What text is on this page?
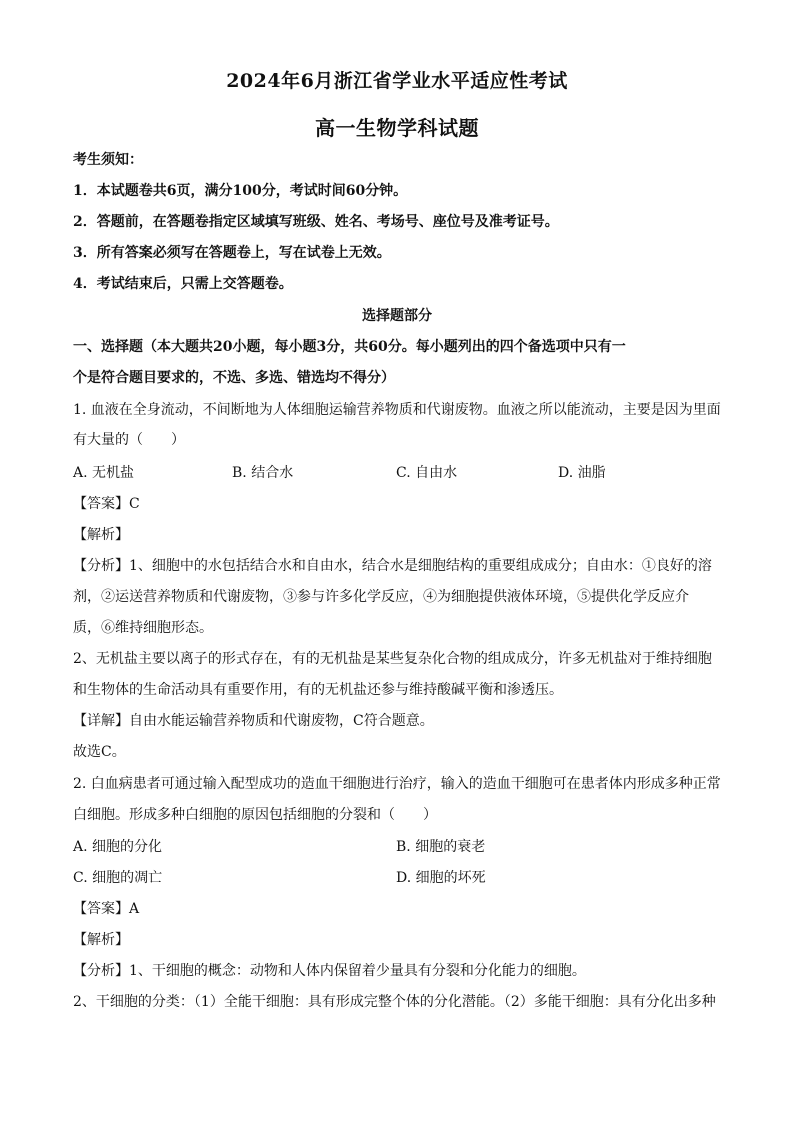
2024年6月浙江省学业水平适应性考试
高一生物学科试题
考生须知：
1．本试题卷共6页，满分100分，考试时间60分钟。
2．答题前，在答题卷指定区域填写班级、姓名、考场号、座位号及准考证号。
3．所有答案必须写在答题卷上，写在试卷上无效。
4．考试结束后，只需上交答题卷。
选择题部分
一、选择题（本大题共20小题，每小题3分，共60分。每小题列出的四个备选项中只有一
个是符合题目要求的，不选、多选、错选均不得分）
1. 血液在全身流动，不间断地为人体细胞运输营养物质和代谢废物。血液之所以能流动，主要是因为里面
有大量的（　　）
A. 无机盐	B. 结合水	C. 自由水	D. 油脂
【答案】C
【解析】
【分析】1、细胞中的水包括结合水和自由水，结合水是细胞结构的重要组成成分；自由水：①良好的溶
剂，②运送营养物质和代谢废物，③参与许多化学反应，④为细胞提供液体环境，⑤提供化学反应介
质，⑥维持细胞形态。
2、无机盐主要以离子的形式存在，有的无机盐是某些复杂化合物的组成成分，许多无机盐对于维持细胞
和生物体的生命活动具有重要作用，有的无机盐还参与维持酸碱平衡和渗透压。
【详解】自由水能运输营养物质和代谢废物，C符合题意。
故选C。
2. 白血病患者可通过输入配型成功的造血干细胞进行治疗，输入的造血干细胞可在患者体内形成多种正常
白细胞。形成多种白细胞的原因包括细胞的分裂和（　　）
A. 细胞的分化	B. 细胞的衰老
C. 细胞的凋亡	D. 细胞的坏死
【答案】A
【解析】
【分析】1、干细胞的概念：动物和人体内保留着少量具有分裂和分化能力的细胞。
2、干细胞的分类：（1）全能干细胞：具有形成完整个体的分化潜能。（2）多能干细胞：具有分化出多种
